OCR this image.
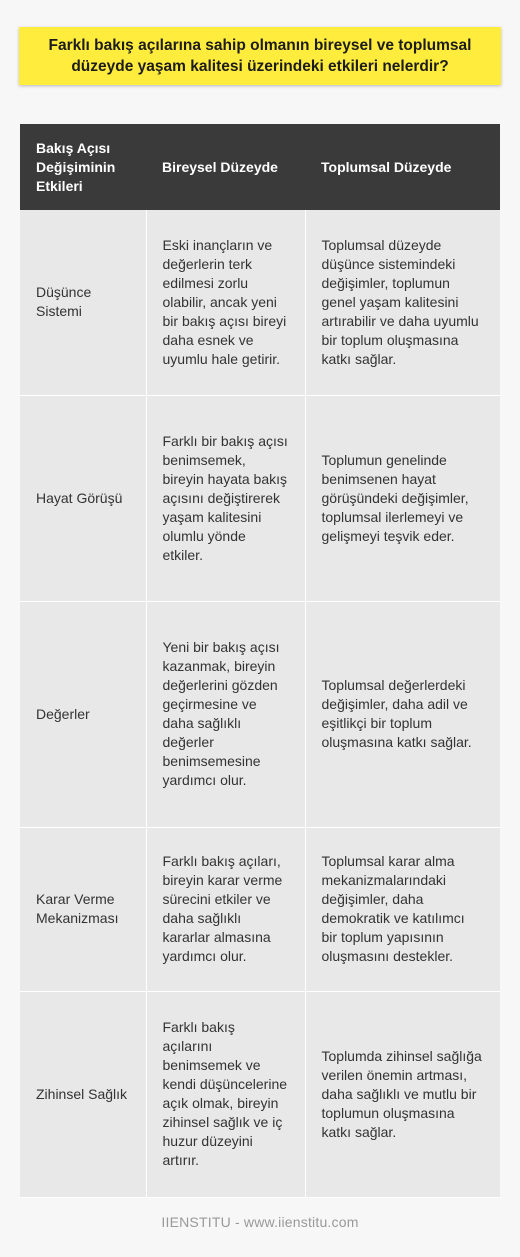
Farklı bakış açılarına sahip olmanın bireysel ve toplumsal düzeyde yaşam kalitesi üzerindeki etkileri nelerdir?
Bakış Açısı Değişiminin Etkileri	Bireysel Düzeyde	Toplumsal Düzeyde
Düşünce Sistemi	Eski inançların ve değerlerin terk edilmesi zorlu olabilir, ancak yeni bir bakış açısı bireyi daha esnek ve uyumlu hale getirir.	Toplumsal düzeyde düşünce sistemindeki değişimler, toplumun genel yaşam kalitesini artırabilir ve daha uyumlu bir toplum oluşmasına katkı sağlar.
Hayat Görüşü	Farklı bir bakış açısı benimsemek, bireyin hayata bakış açısını değiştirerek yaşam kalitesini olumlu yönde etkiler.	Toplumun genelinde benimsenen hayat görüşündeki değişimler, toplumsal ilerlemeyi ve gelişmeyi teşvik eder.
Değerler	Yeni bir bakış açısı kazanmak, bireyin değerlerini gözden geçirmesine ve daha sağlıklı değerler benimsemesine yardımcı olur.	Toplumsal değerlerdeki değişimler, daha adil ve eşitlikçi bir toplum oluşmasına katkı sağlar.
Karar Verme Mekanizması	Farklı bakış açıları, bireyin karar verme sürecini etkiler ve daha sağlıklı kararlar almasına yardımcı olur.	Toplumsal karar alma mekanizmalarındaki değişimler, daha demokratik ve katılımcı bir toplum yapısının oluşmasını destekler.
Zihinsel Sağlık	Farklı bakış açılarını benimsemek ve kendi düşüncelerine açık olmak, bireyin zihinsel sağlık ve iç huzur düzeyini artırır.	Toplumda zihinsel sağlığa verilen önemin artması, daha sağlıklı ve mutlu bir toplumun oluşmasına katkı sağlar.
IIENSTITU - www.iienstitu.com
